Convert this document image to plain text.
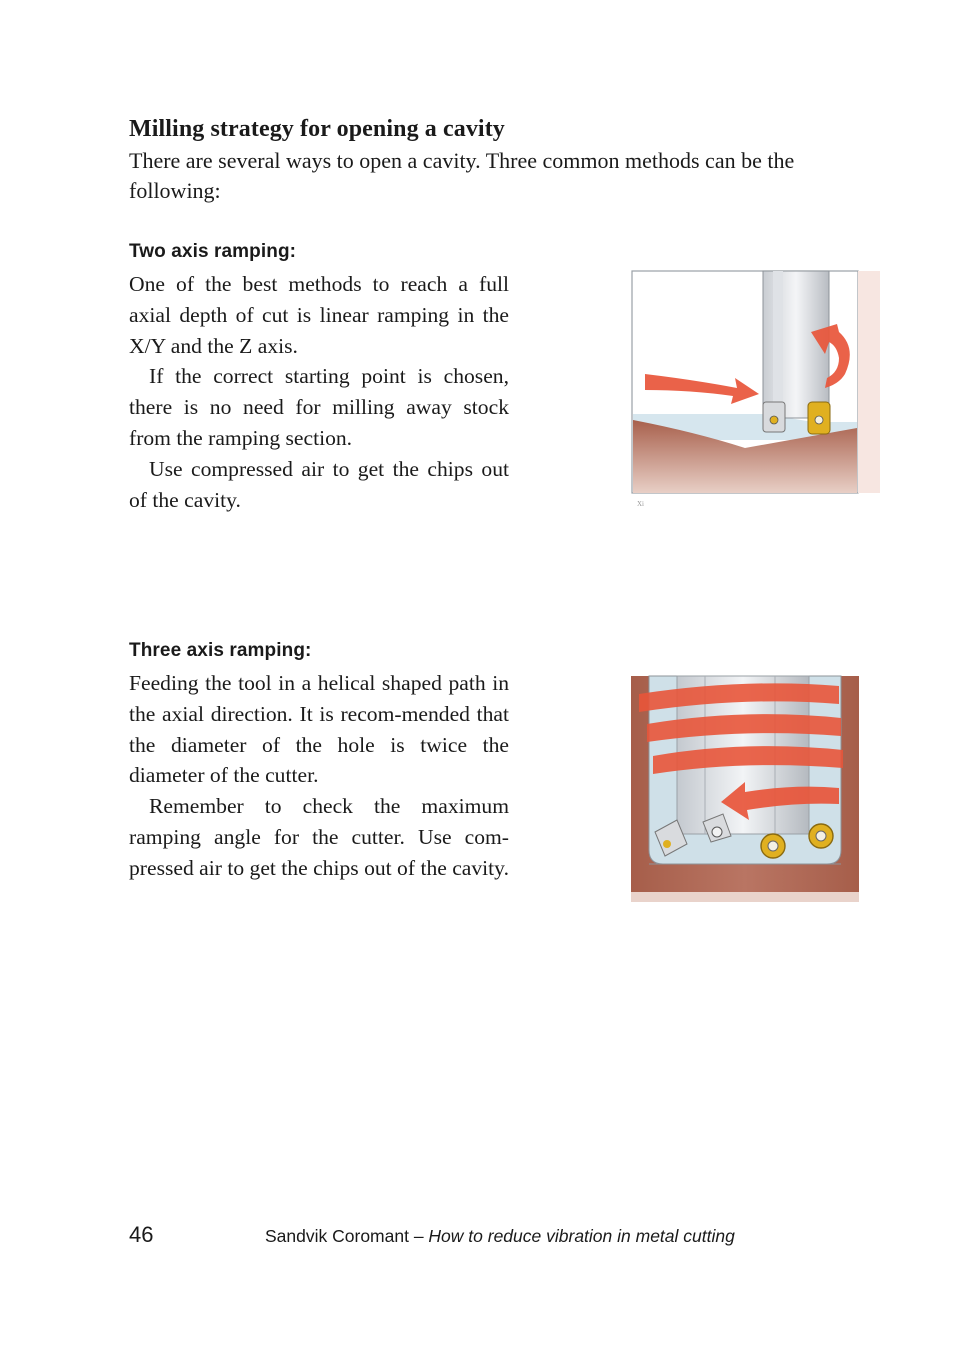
Milling strategy for opening a cavity

There are several ways to open a cavity. Three common methods can be the following:

Two axis ramping:

One of the best methods to reach a full axial depth of cut is linear ramping in the X/Y and the Z axis.

If the correct starting point is chosen, there is no need for milling away stock from the ramping section.

Use compressed air to get the chips out of the cavity.	Xi
Three axis ramping:

Feeding the tool in a helical shaped path in the axial direction. It is recom-mended that the diameter of the hole is twice the diameter of the cutter.

Remember to check the maximum ramping angle for the cutter. Use com-pressed air to get the chips out of the cavity.

46	Sandvik Coromant – How to reduce vibration in metal cutting
